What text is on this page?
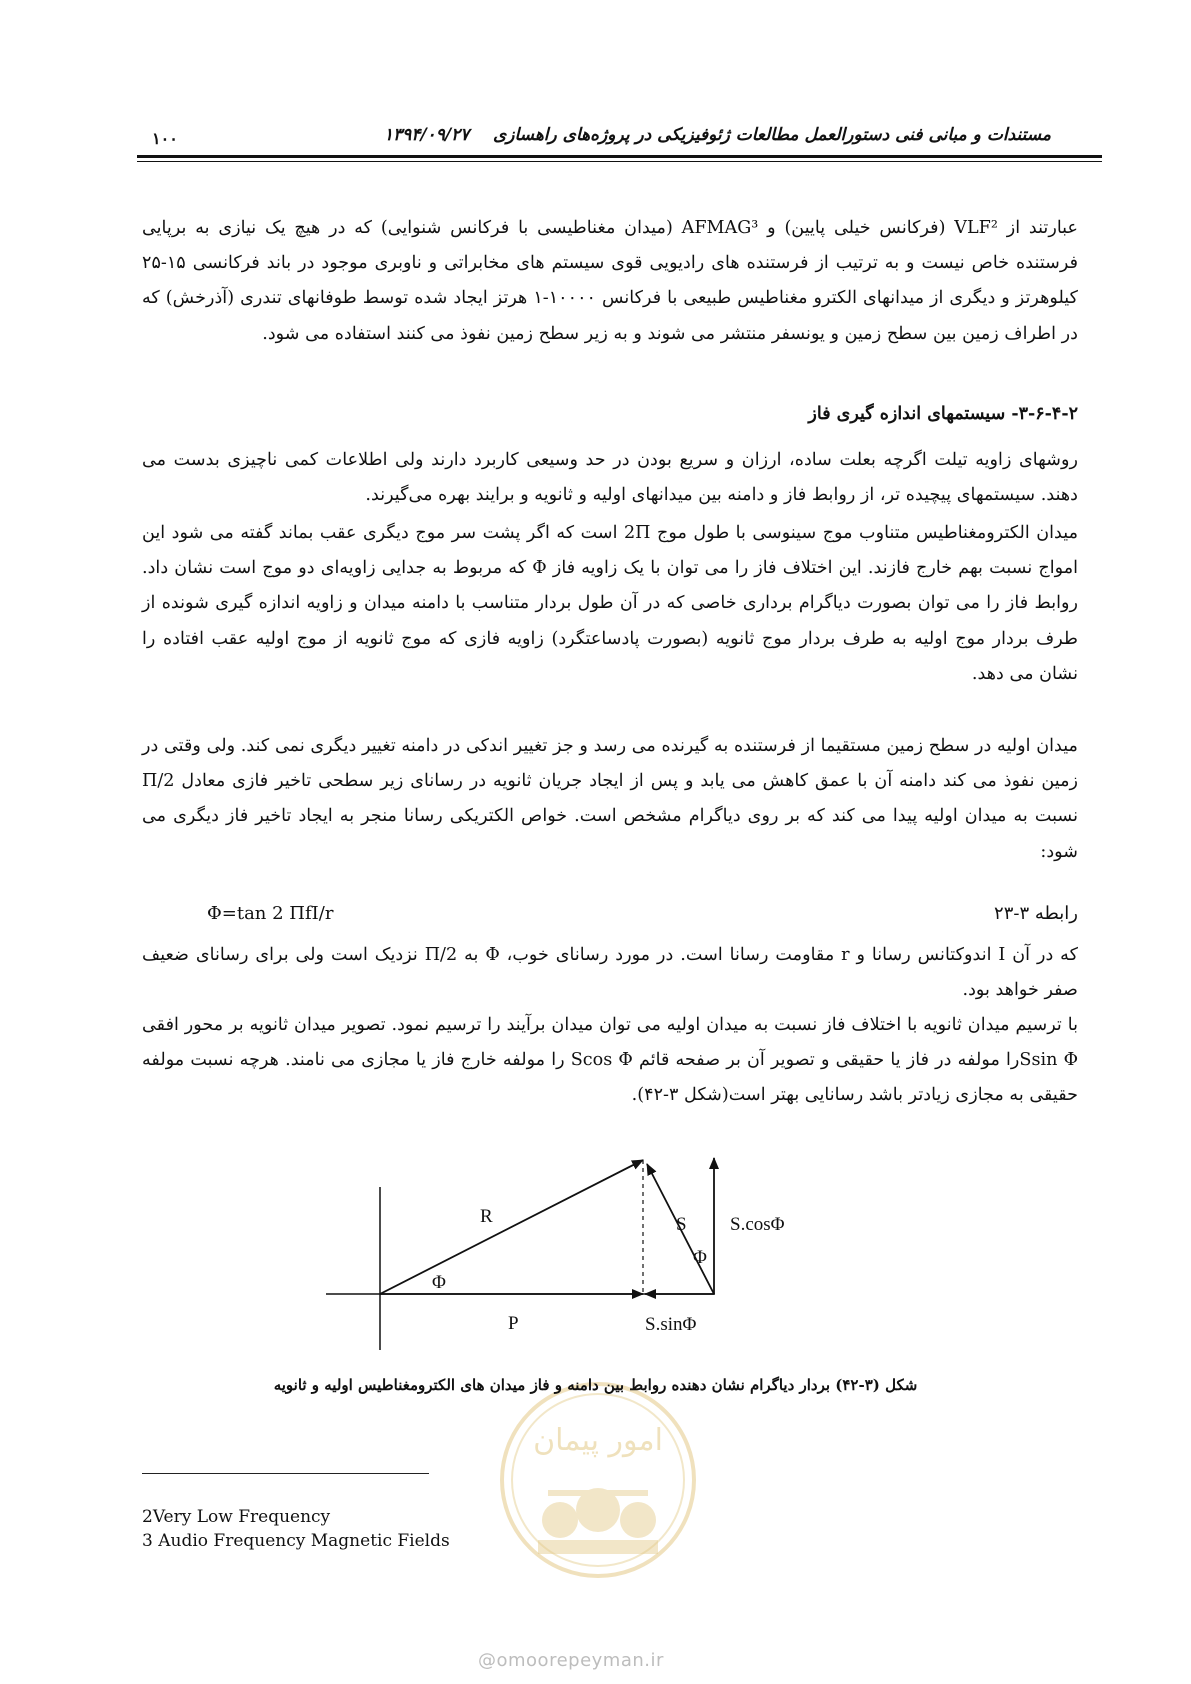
مستندات و مبانی فنی دستورالعمل مطالعات ژئوفیزیکی در پروژه‌های راهسازی    ۱۳۹۴/۰۹/۲۷
۱۰۰
عبارتند از VLF² (فرکانس خیلی پایین) و AFMAG³ (میدان مغناطیسی با فرکانس شنوایی) که در هیچ یک نیازی به برپایی فرستنده خاص نیست و به ترتیب از فرستنده های رادیویی قوی سیستم های مخابراتی و ناوبری موجود در باند فرکانسی ۱۵-۲۵ کیلوهرتز و دیگری از میدانهای الکترو مغناطیس طبیعی با فرکانس ۱۰۰۰۰-۱ هرتز ایجاد شده توسط طوفانهای تندری (آذرخش) که در اطراف زمین بین سطح زمین و یونسفر منتشر می شوند و به زیر سطح زمین نفوذ می کنند استفاده می شود.
۳-۶-۴-۲- سیستمهای اندازه گیری فاز
روشهای زاویه تیلت اگرچه بعلت ساده، ارزان و سریع بودن در حد وسیعی کاربرد دارند ولی اطلاعات کمی ناچیزی بدست می دهند. سیستمهای پیچیده تر، از روابط فاز و دامنه بین میدانهای اولیه و ثانویه و برایند بهره می‌گیرند.
میدان الکترومغناطیس متناوب موج سینوسی با طول موج 2Π است که اگر پشت سر موج دیگری عقب بماند گفته می شود این امواج نسبت بهم خارج فازند. این اختلاف فاز را می توان با یک زاویه فاز Φ که مربوط به جدایی زاویه‌ای دو موج است نشان داد. روابط فاز را می توان بصورت دیاگرام برداری خاصی که در آن طول بردار متناسب با دامنه میدان و زاویه اندازه گیری شونده از طرف بردار موج اولیه به طرف بردار موج ثانویه (بصورت پادساعتگرد) زاویه فازی که موج ثانویه از موج اولیه عقب افتاده را نشان می دهد.
میدان اولیه در سطح زمین مستقیما از فرستنده به گیرنده می رسد و جز تغییر اندکی در دامنه تغییر دیگری نمی کند. ولی وقتی در زمین نفوذ می کند دامنه آن با عمق کاهش می یابد و پس از ایجاد جریان ثانویه در رسانای زیر سطحی تاخیر فازی معادل Π/2 نسبت به میدان اولیه پیدا می کند که بر روی دیاگرام مشخص است. خواص الکتریکی رسانا منجر به ایجاد تاخیر فاز دیگری می شود:
Φ=tan 2 ΠfI/r	رابطه ۳-۲۳
که در آن I اندوکتانس رسانا و r مقاومت رسانا است. در مورد رسانای خوب، Φ به Π/2 نزدیک است ولی برای رسانای ضعیف صفر خواهد بود.
با ترسیم میدان ثانویه با اختلاف فاز نسبت به میدان اولیه می توان میدان برآیند را ترسیم نمود. تصویر میدان ثانویه بر محور افقی Ssin Φرا مولفه در فاز یا حقیقی و تصویر آن بر صفحه قائم Scos Φ را مولفه خارج فاز یا مجازی می نامند. هرچه نسبت مولفه حقیقی به مجازی زیادتر باشد رسانایی بهتر است(شکل ۳-۴۲).
امور پیمان
R	S
Φ
Φ
P	S.sinΦ
S.cosΦ
شکل (۳-۴۲) بردار دیاگرام نشان دهنده روابط بین دامنه و فاز میدان های الکترومغناطیس اولیه و ثانویه
2Very Low Frequency
3 Audio Frequency Magnetic Fields
@omoorepeyman.ir
